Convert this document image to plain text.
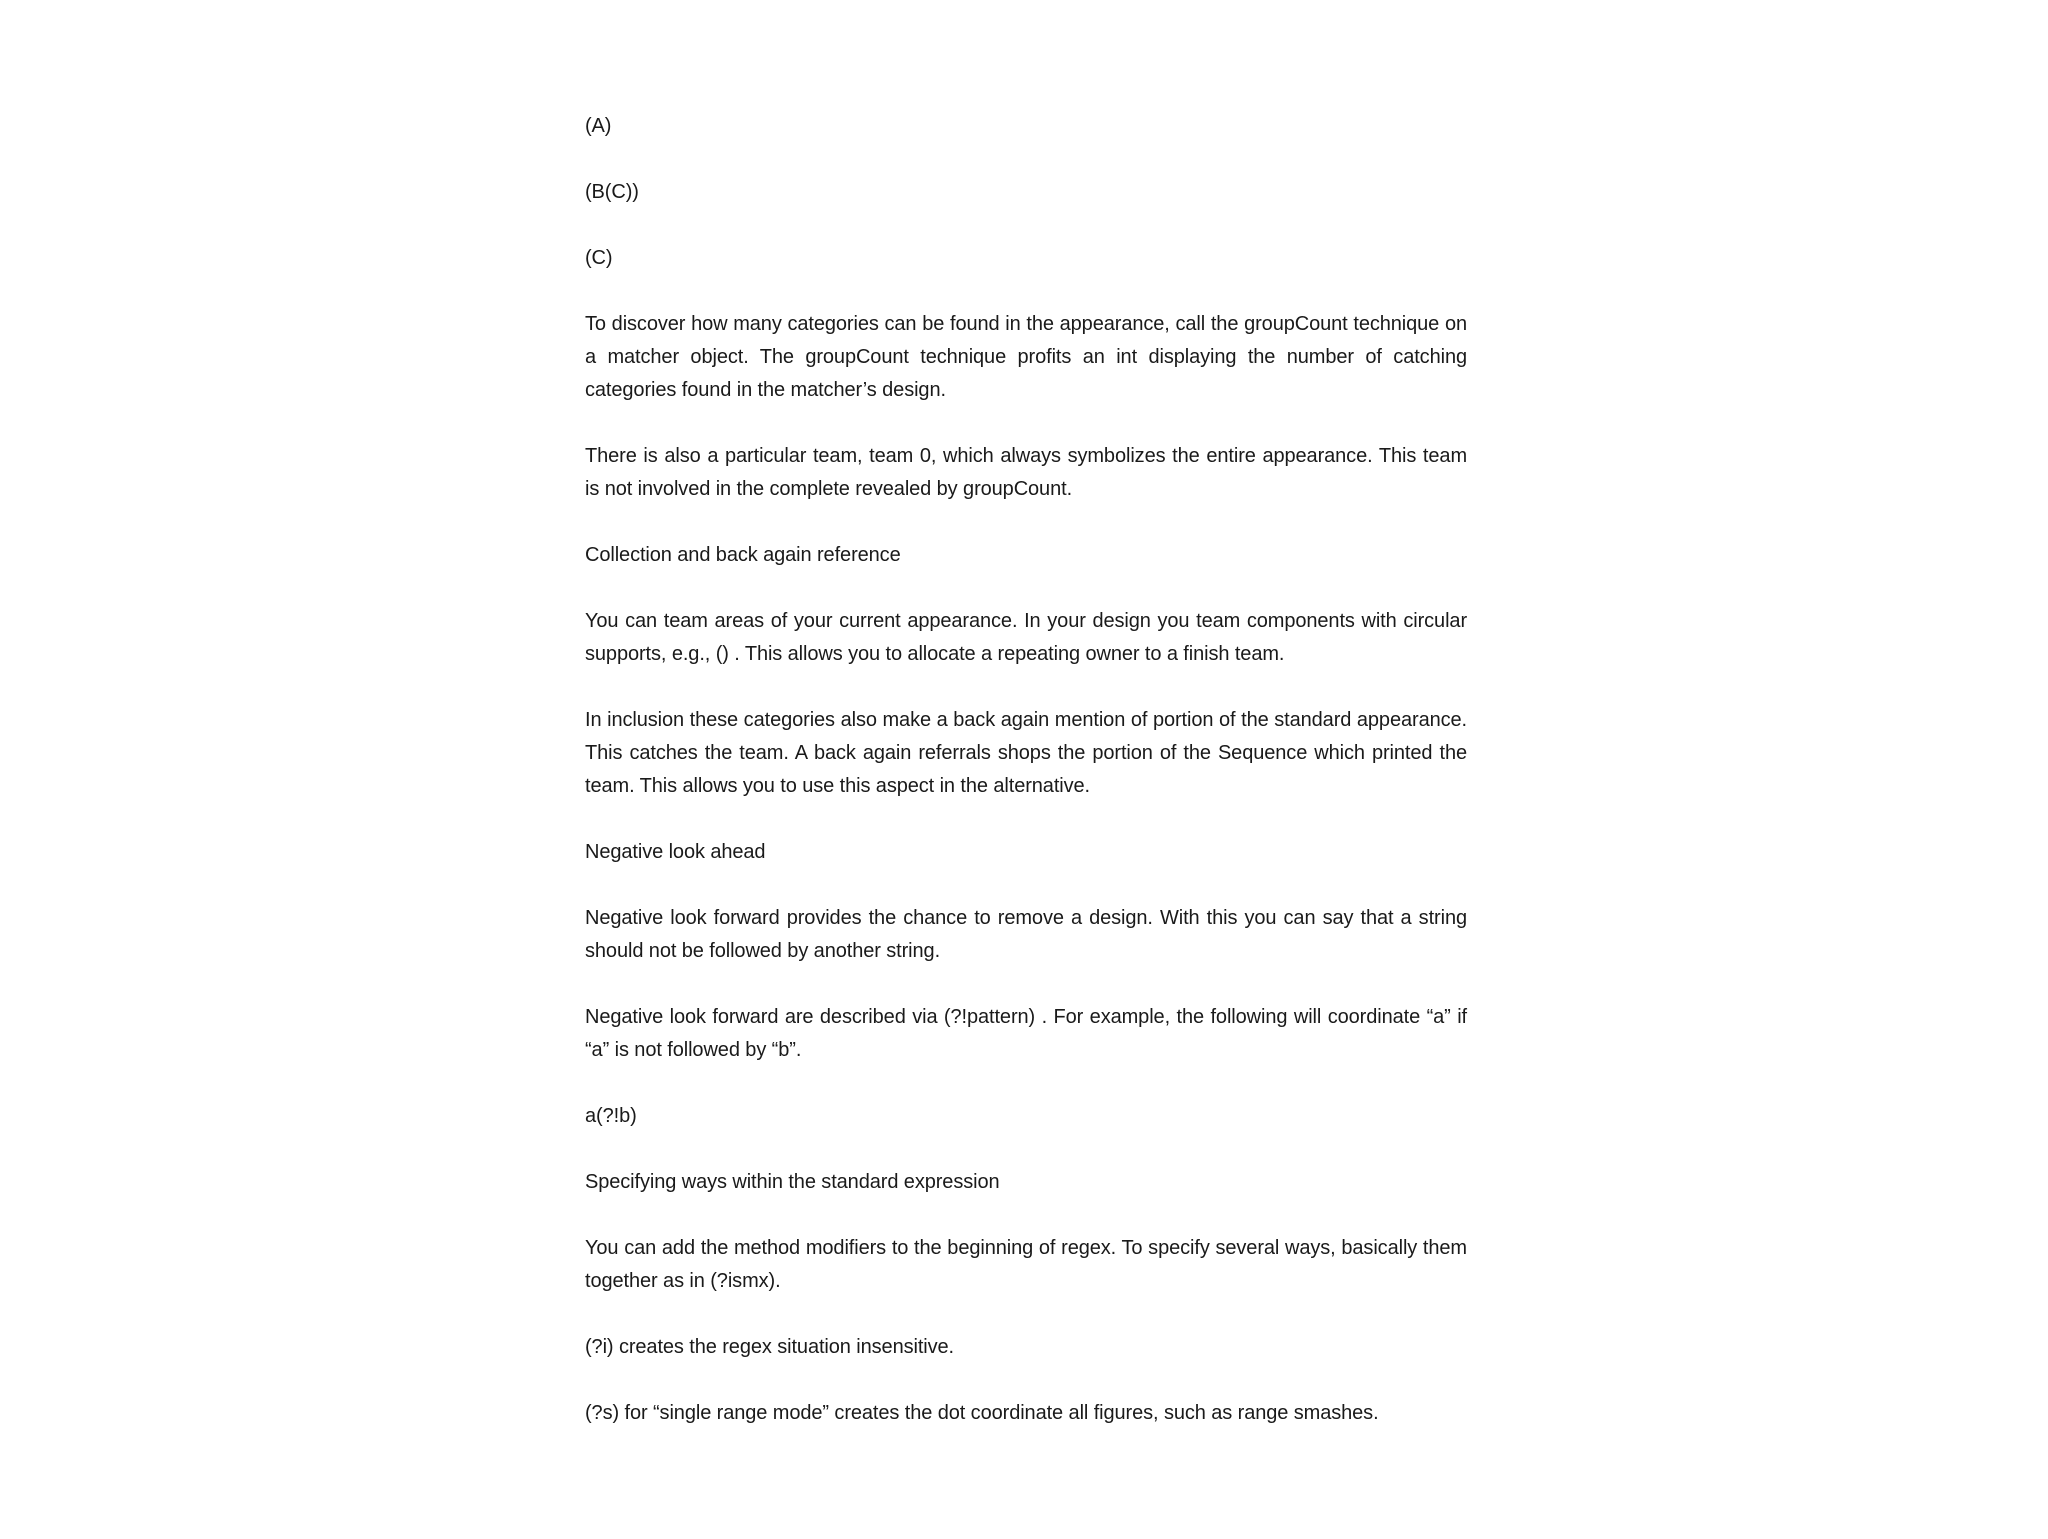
(A)

(B(C))

(C)

To discover how many categories can be found in the appearance, call the groupCount technique on a matcher object. The groupCount technique profits an int displaying the number of catching categories found in the matcher’s design.

There is also a particular team, team 0, which always symbolizes the entire appearance. This team is not involved in the complete revealed by groupCount.

Collection and back again reference

You can team areas of your current appearance. In your design you team components with circular supports, e.g., () . This allows you to allocate a repeating owner to a finish team.

In inclusion these categories also make a back again mention of portion of the standard appearance. This catches the team. A back again referrals shops the portion of the Sequence which printed the team. This allows you to use this aspect in the alternative.

Negative look ahead

Negative look forward provides the chance to remove a design. With this you can say that a string should not be followed by another string.

Negative look forward are described via (?!pattern) . For example, the following will coordinate “a” if “a” is not followed by “b”.

a(?!b)

Specifying ways within the standard expression

You can add the method modifiers to the beginning of regex. To specify several ways, basically them together as in (?ismx).

(?i) creates the regex situation insensitive.

(?s) for “single range mode” creates the dot coordinate all figures, such as range smashes.
